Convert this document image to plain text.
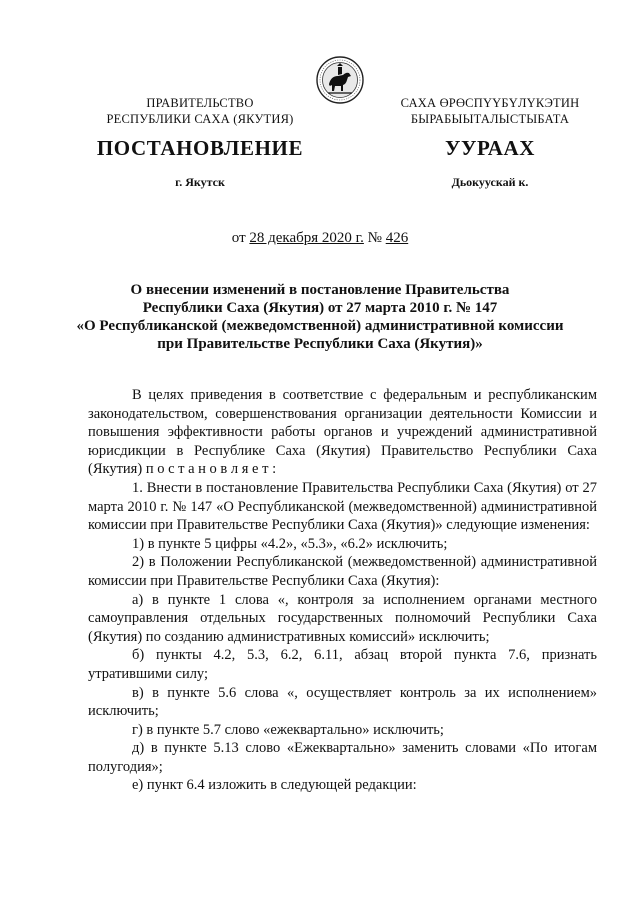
ПРАВИТЕЛЬСТВО
РЕСПУБЛИКИ САХА (ЯКУТИЯ)
САХА ӨРӨСПҮҮБҮЛҮКЭТИН
БЫРАБЫЫТАЛЫСТЫБАТА
ПОСТАНОВЛЕНИЕ	УУРААХ
г. Якутск	Дьокуускай к.
от 28 декабря 2020 г. № 426
О внесении изменений в постановление Правительства
Республики Саха (Якутия) от 27 марта 2010 г. № 147
«О Республиканской (межведомственной) административной комиссии
при Правительстве Республики Саха (Якутия)»

В целях приведения в соответствие с федеральным и республиканским законодательством, совершенствования организации деятельности Комиссии и повышения эффективности работы органов и учреждений административной юрисдикции в Республике Саха (Якутия) Правительство Республики Саха (Якутия) п о с т а н о в л я е т :

1. Внести в постановление Правительства Республики Саха (Якутия) от 27 марта 2010 г. № 147 «О Республиканской (межведомственной) административной комиссии при Правительстве Республики Саха (Якутия)» следующие изменения:

1) в пункте 5 цифры «4.2», «5.3», «6.2» исключить;

2) в Положении Республиканской (межведомственной) административной комиссии при Правительстве Республики Саха (Якутия):

а) в пункте 1 слова «, контроля за исполнением органами местного самоуправления отдельных государственных полномочий Республики Саха (Якутия) по созданию административных комиссий» исключить;

б) пункты 4.2, 5.3, 6.2, 6.11, абзац второй пункта 7.6, признать утратившими силу;

в) в пункте 5.6 слова «, осуществляет контроль за их исполнением» исключить;

г) в пункте 5.7 слово «ежеквартально» исключить;

д) в пункте 5.13 слово «Ежеквартально» заменить словами «По итогам полугодия»;

е) пункт 6.4 изложить в следующей редакции:
